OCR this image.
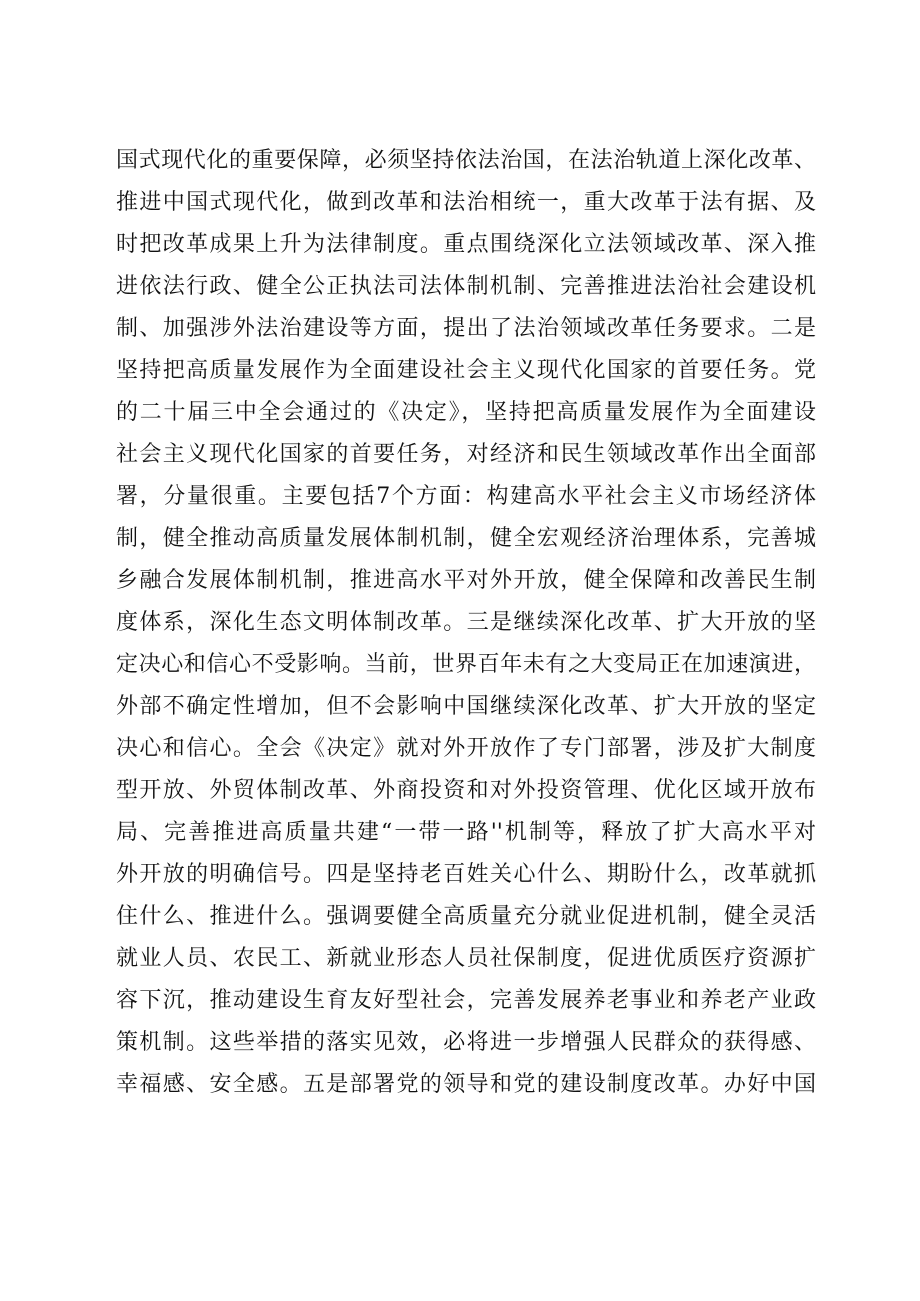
国式现代化的重要保障，必须坚持依法治国，在法治轨道上深化改革、
推进中国式现代化，做到改革和法治相统一，重大改革于法有据、及
时把改革成果上升为法律制度。重点围绕深化立法领域改革、深入推
进依法行政、健全公正执法司法体制机制、完善推进法治社会建设机
制、加强涉外法治建设等方面，提出了法治领域改革任务要求。二是
坚持把高质量发展作为全面建设社会主义现代化国家的首要任务。党
的二十届三中全会通过的《决定》，坚持把高质量发展作为全面建设
社会主义现代化国家的首要任务，对经济和民生领域改革作出全面部
署，分量很重。主要包括7个方面：构建高水平社会主义市场经济体
制，健全推动高质量发展体制机制，健全宏观经济治理体系，完善城
乡融合发展体制机制，推进高水平对外开放，健全保障和改善民生制
度体系，深化生态文明体制改革。三是继续深化改革、扩大开放的坚
定决心和信心不受影响。当前，世界百年未有之大变局正在加速演进，
外部不确定性增加，但不会影响中国继续深化改革、扩大开放的坚定
决心和信心。全会《决定》就对外开放作了专门部署，涉及扩大制度
型开放、外贸体制改革、外商投资和对外投资管理、优化区域开放布
局、完善推进高质量共建“一带一路''机制等，释放了扩大高水平对
外开放的明确信号。四是坚持老百姓关心什么、期盼什么，改革就抓
住什么、推进什么。强调要健全高质量充分就业促进机制，健全灵活
就业人员、农民工、新就业形态人员社保制度，促进优质医疗资源扩
容下沉，推动建设生育友好型社会，完善发展养老事业和养老产业政
策机制。这些举措的落实见效，必将进一步增强人民群众的获得感、
幸福感、安全感。五是部署党的领导和党的建设制度改革。办好中国
